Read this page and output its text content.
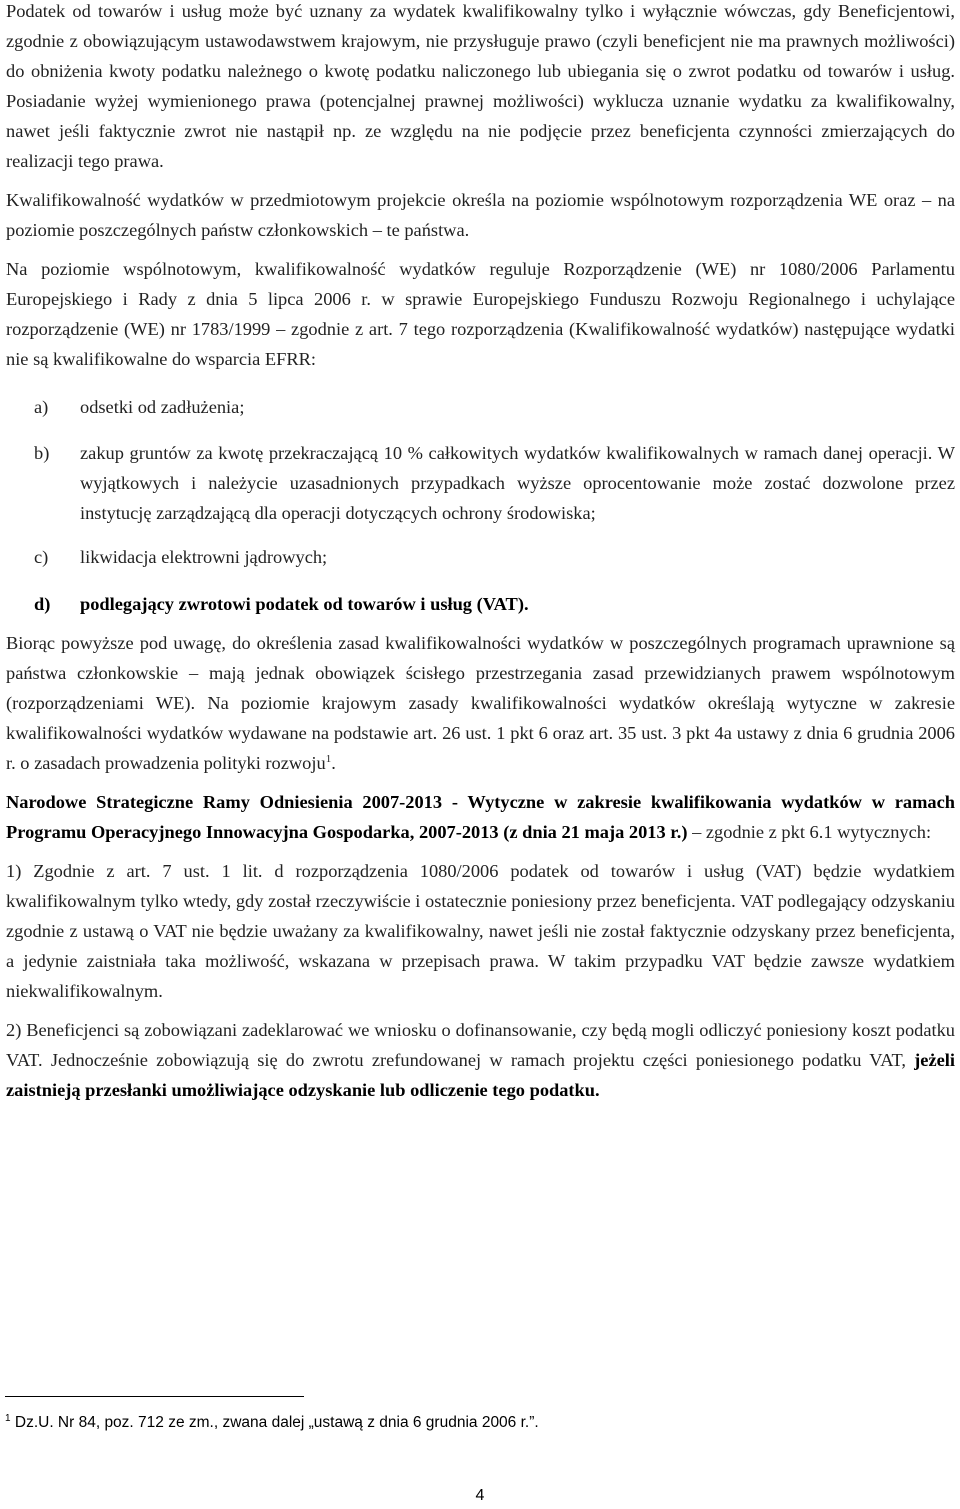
Podatek od towarów i usług może być uznany za wydatek kwalifikowalny tylko i wyłącznie wówczas, gdy Beneficjentowi, zgodnie z obowiązującym ustawodawstwem krajowym, nie przysługuje prawo (czyli beneficjent nie ma prawnych możliwości) do obniżenia kwoty podatku należnego o kwotę podatku naliczonego lub ubiegania się o zwrot podatku od towarów i usług. Posiadanie wyżej wymienionego prawa (potencjalnej prawnej możliwości) wyklucza uznanie wydatku za kwalifikowalny, nawet jeśli faktycznie zwrot nie nastąpił np. ze względu na nie podjęcie przez beneficjenta czynności zmierzających do realizacji tego prawa.

Kwalifikowalność wydatków w przedmiotowym projekcie określa na poziomie wspólnotowym rozporządzenia WE oraz – na poziomie poszczególnych państw członkowskich – te państwa.

Na poziomie wspólnotowym, kwalifikowalność wydatków reguluje Rozporządzenie (WE) nr 1080/2006 Parlamentu Europejskiego i Rady z dnia 5 lipca 2006 r. w sprawie Europejskiego Funduszu Rozwoju Regionalnego i uchylające rozporządzenie (WE) nr 1783/1999 – zgodnie z art. 7 tego rozporządzenia (Kwalifikowalność wydatków) następujące wydatki nie są kwalifikowalne do wsparcia EFRR:

a) odsetki od zadłużenia;
b) zakup gruntów za kwotę przekraczającą 10 % całkowitych wydatków kwalifikowalnych w ramach danej operacji. W wyjątkowych i należycie uzasadnionych przypadkach wyższe oprocentowanie może zostać dozwolone przez instytucję zarządzającą dla operacji dotyczących ochrony środowiska;
c) likwidacja elektrowni jądrowych;
d) podlegający zwrotowi podatek od towarów i usług (VAT).

Biorąc powyższe pod uwagę, do określenia zasad kwalifikowalności wydatków w poszczególnych programach uprawnione są państwa członkowskie – mają jednak obowiązek ścisłego przestrzegania zasad przewidzianych prawem wspólnotowym (rozporządzeniami WE). Na poziomie krajowym zasady kwalifikowalności wydatków określają wytyczne w zakresie kwalifikowalności wydatków wydawane na podstawie art. 26 ust. 1 pkt 6 oraz art. 35 ust. 3 pkt 4a ustawy z dnia 6 grudnia 2006 r. o zasadach prowadzenia polityki rozwoju$^1$.

Narodowe Strategiczne Ramy Odniesienia 2007-2013 - Wytyczne w zakresie kwalifikowania wydatków w ramach Programu Operacyjnego Innowacyjna Gospodarka, 2007-2013 (z dnia 21 maja 2013 r.) – zgodnie z pkt 6.1 wytycznych:

1) Zgodnie z art. 7 ust. 1 lit. d rozporządzenia 1080/2006 podatek od towarów i usług (VAT) będzie wydatkiem kwalifikowalnym tylko wtedy, gdy został rzeczywiście i ostatecznie poniesiony przez beneficjenta. VAT podlegający odzyskaniu zgodnie z ustawą o VAT nie będzie uważany za kwalifikowalny, nawet jeśli nie został faktycznie odzyskany przez beneficjenta, a jedynie zaistniała taka możliwość, wskazana w przepisach prawa. W takim przypadku VAT będzie zawsze wydatkiem niekwalifikowalnym.

2) Beneficjenci są zobowiązani zadeklarować we wniosku o dofinansowanie, czy będą mogli odliczyć poniesiony koszt podatku VAT. Jednocześnie zobowiązują się do zwrotu zrefundowanej w ramach projektu części poniesionego podatku VAT, jeżeli zaistnieją przesłanki umożliwiające odzyskanie lub odliczenie tego podatku.

$^1$ Dz.U. Nr 84, poz. 712 ze zm., zwana dalej „ustawą z dnia 6 grudnia 2006 r.”.
4
